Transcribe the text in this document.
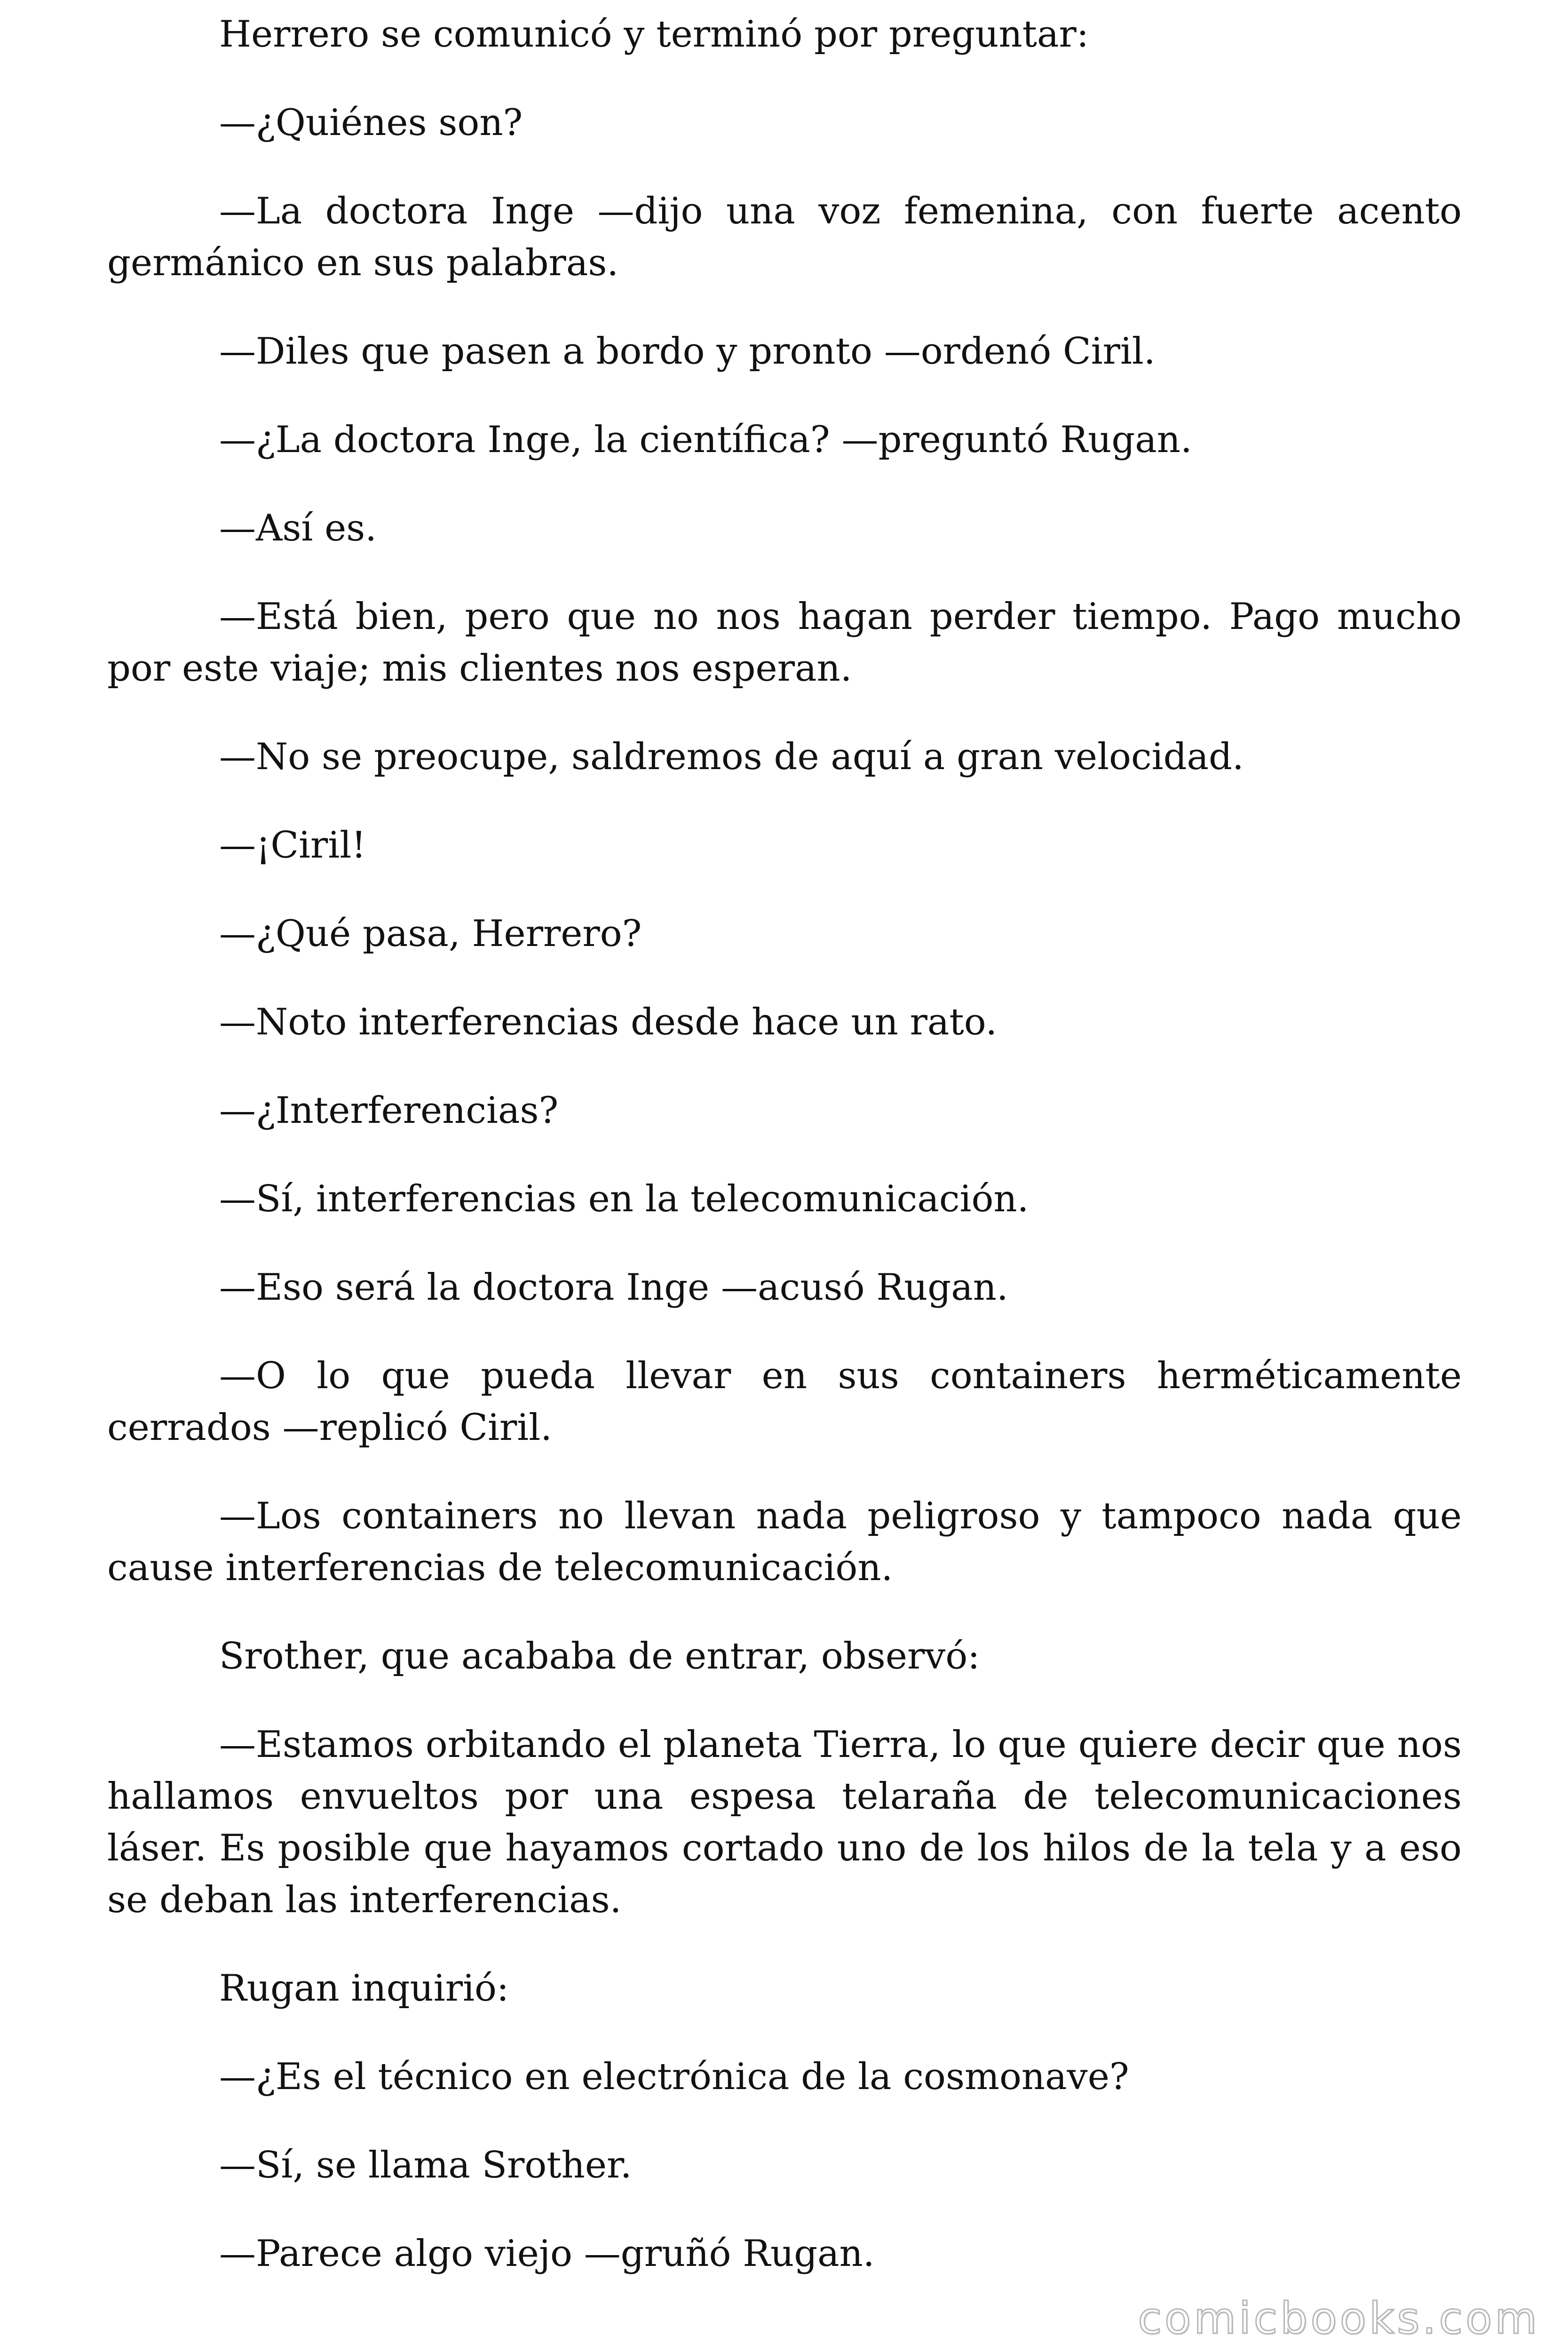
Herrero se comunicó y terminó por preguntar:

—¿Quiénes son?

—La doctora Inge —dijo una voz femenina, con fuerte acento germánico en sus palabras.

—Diles que pasen a bordo y pronto —ordenó Ciril.

—¿La doctora Inge, la científica? —preguntó Rugan.

—Así es.

—Está bien, pero que no nos hagan perder tiempo. Pago mucho por este viaje; mis clientes nos esperan.

—No se preocupe, saldremos de aquí a gran velocidad.

—¡Ciril!

—¿Qué pasa, Herrero?

—Noto interferencias desde hace un rato.

—¿Interferencias?

—Sí, interferencias en la telecomunicación.

—Eso será la doctora Inge —acusó Rugan.

—O lo que pueda llevar en sus containers herméticamente cerrados —replicó Ciril.

—Los containers no llevan nada peligroso y tampoco nada que cause interferencias de telecomunicación.

Srother, que acababa de entrar, observó:

—Estamos orbitando el planeta Tierra, lo que quiere decir que nos hallamos envueltos por una espesa telaraña de telecomunicaciones láser. Es posible que hayamos cortado uno de los hilos de la tela y a eso se deban las interferencias.

Rugan inquirió:

—¿Es el técnico en electrónica de la cosmonave?

—Sí, se llama Srother.

—Parece algo viejo —gruñó Rugan.

comicbooks.com
